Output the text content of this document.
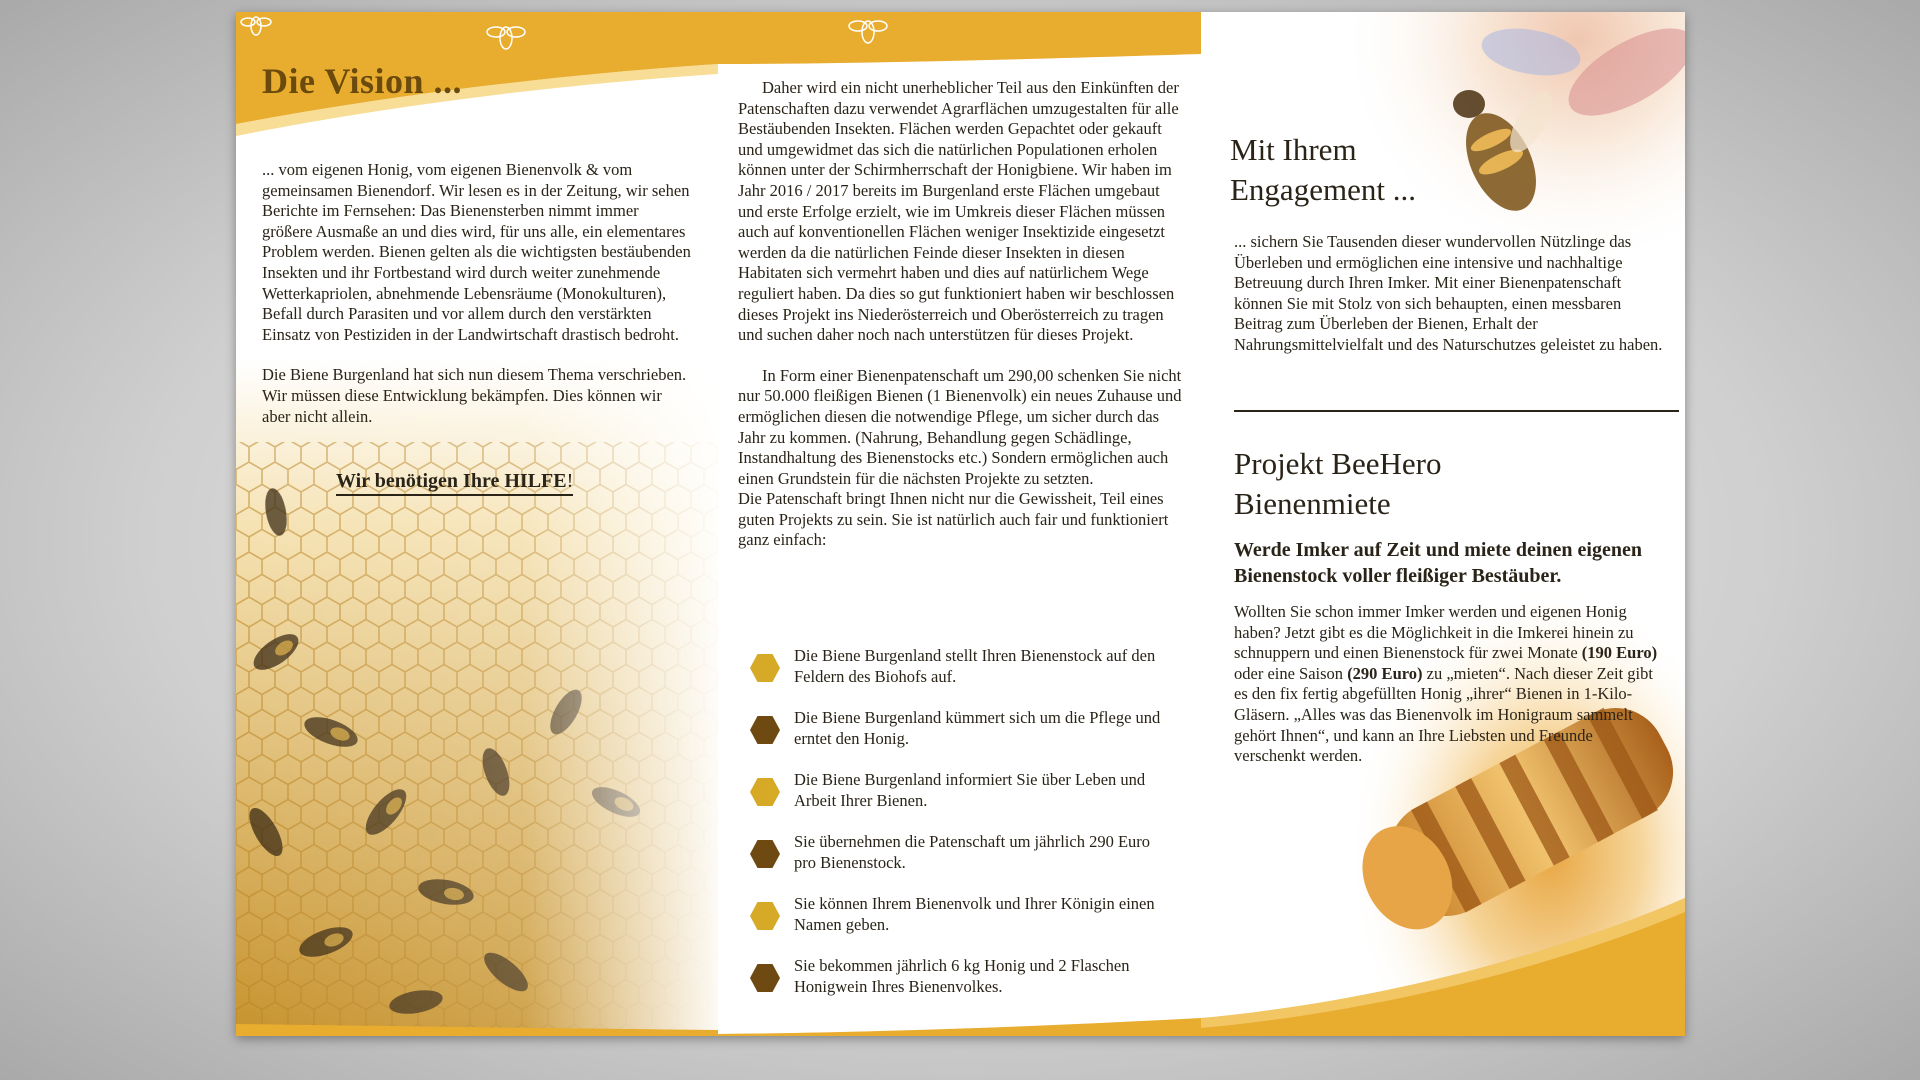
Die Vision ...

... vom eigenen Honig, vom eigenen Bienenvolk & vom gemeinsamen Bienendorf. Wir lesen es in der Zeitung, wir sehen Berichte im Fernsehen: Das Bienensterben nimmt immer größere Ausmaße an und dies wird, für uns alle, ein elementares Problem werden. Bienen gelten als die wichtigsten bestäubenden Insekten und ihr Fortbestand wird durch weiter zunehmende Wetterkapriolen, abnehmende Lebensräume (Monokulturen), Befall durch Parasiten und vor allem durch den verstärkten Einsatz von Pestiziden in der Landwirtschaft drastisch bedroht.

Die Biene Burgenland hat sich nun diesem Thema verschrieben. Wir müssen diese Entwicklung bekämpfen. Dies können wir aber nicht allein.

Wir benötigen Ihre HILFE!

Daher wird ein nicht unerheblicher Teil aus den Einkünften der Patenschaften dazu verwendet Agrarflächen umzugestalten für alle Bestäubenden Insekten. Flächen werden Gepachtet oder gekauft und umgewidmet das sich die natürlichen Populationen erholen können unter der Schirmherrschaft der Honigbiene. Wir haben im Jahr 2016 / 2017 bereits im Burgenland erste Flächen umgebaut und erste Erfolge erzielt, wie im Umkreis dieser Flächen müssen auch auf konventionellen Flächen weniger Insektizide eingesetzt werden da die natürlichen Feinde dieser Insekten in diesen Habitaten sich vermehrt haben und dies auf natürlichem Wege reguliert haben. Da dies so gut funktioniert haben wir beschlossen dieses Projekt ins Niederösterreich und Oberösterreich zu tragen und suchen daher noch nach unterstützen für dieses Projekt.

In Form einer Bienenpatenschaft um 290,00 schenken Sie nicht nur 50.000 fleißigen Bienen (1 Bienenvolk) ein neues Zuhause und ermöglichen diesen die notwendige Pflege, um sicher durch das Jahr zu kommen. (Nahrung, Behandlung gegen Schädlinge, Instandhaltung des Bienenstocks etc.) Sondern ermöglichen auch einen Grundstein für die nächsten Projekte zu setzten.

Die Patenschaft bringt Ihnen nicht nur die Gewissheit, Teil eines guten Projekts zu sein. Sie ist natürlich auch fair und funktioniert ganz einfach:

Die Biene Burgenland stellt Ihren Bienenstock auf den Feldern des Biohofs auf.
Die Biene Burgenland kümmert sich um die Pflege und erntet den Honig.
Die Biene Burgenland informiert Sie über Leben und Arbeit Ihrer Bienen.
Sie übernehmen die Patenschaft um jährlich 290 Euro pro Bienenstock.
Sie können Ihrem Bienenvolk und Ihrer Königin einen Namen geben.
Sie bekommen jährlich 6 kg Honig und 2 Flaschen Honigwein Ihres Bienenvolkes.
Mit Ihrem
Engagement ...
... sichern Sie Tausenden dieser wundervollen Nützlinge das Überleben und ermöglichen eine intensive und nachhaltige Betreuung durch Ihren Imker. Mit einer Bienenpatenschaft können Sie mit Stolz von sich behaupten, einen messbaren Beitrag zum Überleben der Bienen, Erhalt der Nahrungsmittelvielfalt und des Naturschutzes geleistet zu haben.
Projekt BeeHero
Bienenmiete

Werde Imker auf Zeit und miete deinen eigenen Bienenstock voller fleißiger Bestäuber.

Wollten Sie schon immer Imker werden und eigenen Honig haben? Jetzt gibt es die Möglichkeit in die Imkerei hinein zu schnuppern und einen Bienenstock für zwei Monate (190 Euro) oder eine Saison (290 Euro) zu „mieten“. Nach dieser Zeit gibt es den fix fertig abgefüllten Honig „ihrer“ Bienen in 1-Kilo-Gläsern. „Alles was das Bienenvolk im Honigraum sammelt gehört Ihnen“, und kann an Ihre Liebsten und Freunde verschenkt werden.
